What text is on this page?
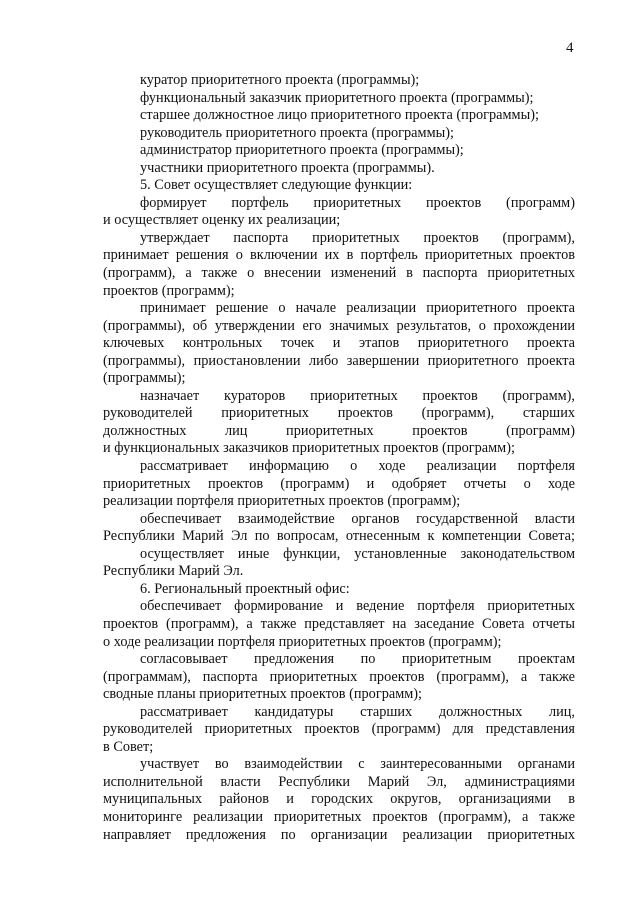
4
куратор приоритетного проекта (программы);
функциональный заказчик приоритетного проекта (программы);
старшее должностное лицо приоритетного проекта (программы);
руководитель приоритетного проекта (программы);
администратор приоритетного проекта (программы);
участники приоритетного проекта (программы).
5. Совет осуществляет следующие функции:
формирует портфель приоритетных проектов (программ)
и осуществляет оценку их реализации;
утверждает паспорта приоритетных проектов (программ),
принимает решения о включении их в портфель приоритетных проектов
(программ), а также о внесении изменений в паспорта приоритетных
проектов (программ);
принимает решение о начале реализации приоритетного проекта
(программы), об утверждении его значимых результатов, о прохождении
ключевых контрольных точек и этапов приоритетного проекта
(программы), приостановлении либо завершении приоритетного проекта
(программы);
назначает кураторов приоритетных проектов (программ),
руководителей приоритетных проектов (программ), старших
должностных лиц приоритетных проектов (программ)
и функциональных заказчиков приоритетных проектов (программ);
рассматривает информацию о ходе реализации портфеля
приоритетных проектов (программ) и одобряет отчеты о ходе
реализации портфеля приоритетных проектов (программ);
обеспечивает взаимодействие органов государственной власти
Республики Марий Эл по вопросам, отнесенным к компетенции Совета;
осуществляет иные функции, установленные законодательством
Республики Марий Эл.
6. Региональный проектный офис:
обеспечивает формирование и ведение портфеля приоритетных
проектов (программ), а также представляет на заседание Совета отчеты
о ходе реализации портфеля приоритетных проектов (программ);
согласовывает предложения по приоритетным проектам
(программам), паспорта приоритетных проектов (программ), а также
сводные планы приоритетных проектов (программ);
рассматривает кандидатуры старших должностных лиц,
руководителей приоритетных проектов (программ) для представления
в Совет;
участвует во взаимодействии с заинтересованными органами
исполнительной власти Республики Марий Эл, администрациями
муниципальных районов и городских округов, организациями в
мониторинге реализации приоритетных проектов (программ), а также
направляет предложения по организации реализации приоритетных
